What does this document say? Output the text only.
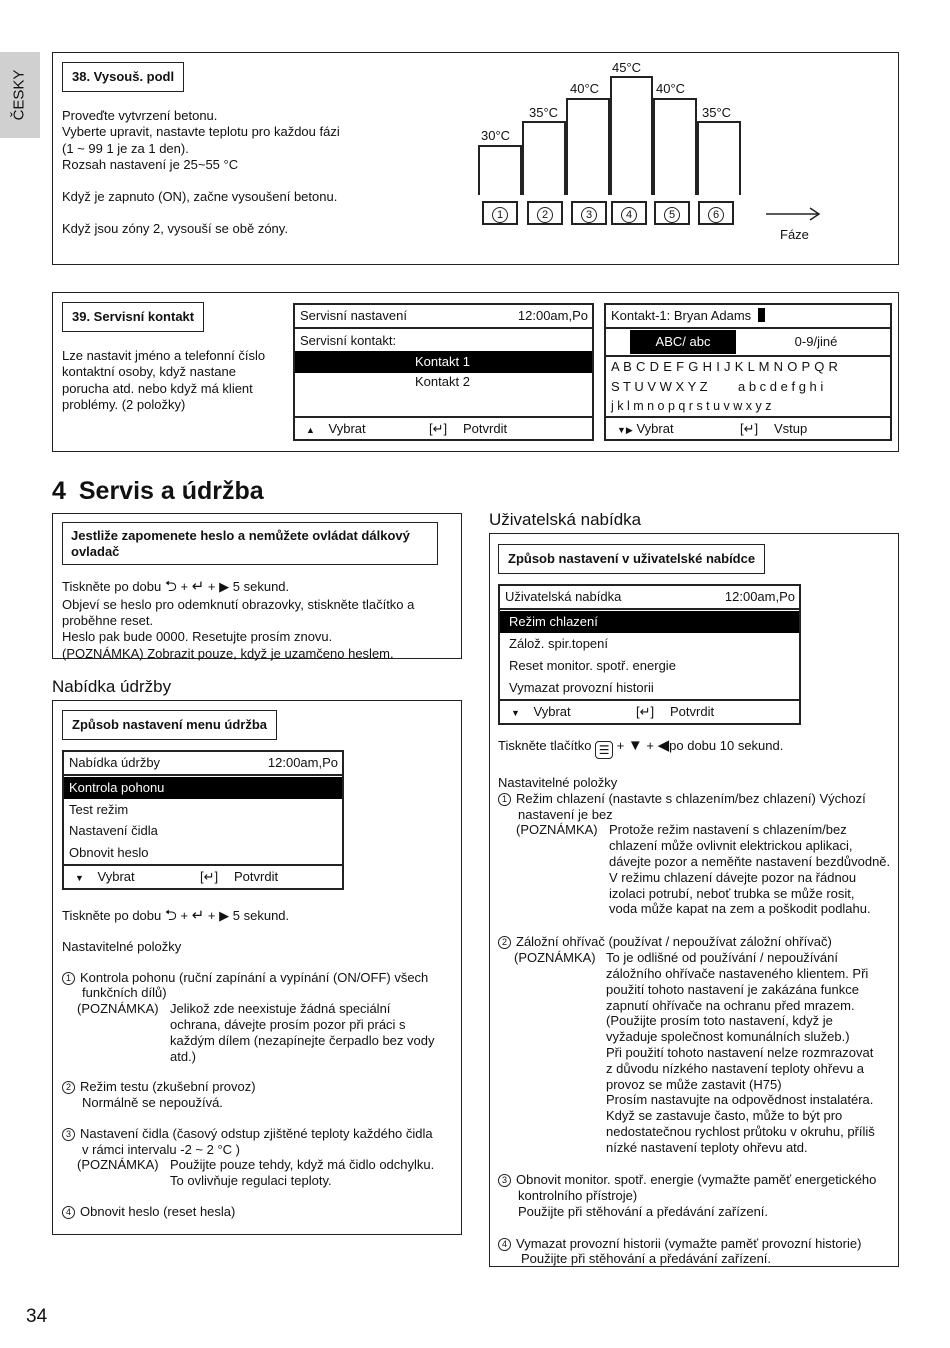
ČESKY	38. Vysouš. podl

Proveďte vytvrzení betonu.

Vyberte upravit, nastavte teplotu pro každou fázi

(1 ~ 99 1 je za 1 den).

Rozsah nastavení je 25~55 °C

Když je zapnuto (ON), začne vysoušení betonu.

Když jsou zóny 2, vysouší se obě zóny.

30°C
35°C
40°C
45°C
40°C
35°C
1	2	3	4	5	6
Fáze
39. Servisní kontakt

Lze nastavit jméno a telefonní číslo

kontaktní osoby, když nastane

porucha atd. nebo když má klient

problémy. (2 položky)

Servisní nastavení	12:00am,Po
Servisní kontakt:
Kontakt 1
Kontakt 2
▲ Vybrat	[↵] Potvrdit
Kontakt-1: Bryan Adams
ABC/ abc	0-9/jiné
A B C D E F G H I J K L M N O P Q R
S T U V W X Y Z a b c d e f g h i
j k l m n o p q r s t u v w x y z
▼▶ Vybrat	[↵] Vstup
4 Servis a údržba
Jestliže zapomenete heslo a nemůžete ovládat dálkový
ovladač

Tiskněte po dobu ⮌ + ↵ + ▶ 5 sekund.

Objeví se heslo pro odemknutí obrazovky, stiskněte tlačítko a

proběhne reset.

Heslo pak bude 0000. Resetujte prosím znovu.

(POZNÁMKA) Zobrazit pouze, když je uzamčeno heslem.

Nabídka údržby
Způsob nastavení menu údržba
Nabídka údržby	12:00am,Po
Kontrola pohonu
Test režim
Nastavení čidla
Obnovit heslo
▼ Vybrat	[↵] Potvrdit

Tiskněte po dobu ⮌ + ↵ + ▶ 5 sekund.

Nastavitelné položky

1 Kontrola pohonu (ruční zapínání a vypínání (ON/OFF) všech

funkčních dílů)

(POZNÁMKA) Jelikož zde neexistuje žádná speciální

ochrana, dávejte prosím pozor při práci s

každým dílem (nezapínejte čerpadlo bez vody

atd.)

2 Režim testu (zkušební provoz)

Normálně se nepoužívá.

3 Nastavení čidla (časový odstup zjištěné teploty každého čidla

v rámci intervalu -2 ~ 2 °C )

(POZNÁMKA) Použijte pouze tehdy, když má čidlo odchylku.

To ovlivňuje regulaci teploty.

4 Obnovit heslo (reset hesla)

Uživatelská nabídka
Způsob nastavení v uživatelské nabídce
Uživatelská nabídka	12:00am,Po
Režim chlazení
Zálož. spir.topení
Reset monitor. spotř. energie
Vymazat provozní historii
▼ Vybrat	[↵] Potvrdit

Tiskněte tlačítko ☰ + ▼ + ◀po dobu 10 sekund.

Nastavitelné položky

1 Režim chlazení (nastavte s chlazením/bez chlazení) Výchozí

nastavení je bez

(POZNÁMKA) Protože režim nastavení s chlazením/bez

chlazení může ovlivnit elektrickou aplikaci,

dávejte pozor a neměňte nastavení bezdůvodně.

V režimu chlazení dávejte pozor na řádnou

izolaci potrubí, neboť trubka se může rosit,

voda může kapat na zem a poškodit podlahu.

2 Záložní ohřívač (používat / nepoužívat záložní ohřívač)

(POZNÁMKA) To je odlišné od používání / nepoužívání

záložního ohřívače nastaveného klientem. Při

použití tohoto nastavení je zakázána funkce

zapnutí ohřívače na ochranu před mrazem.

(Použijte prosím toto nastavení, když je

vyžaduje společnost komunálních služeb.)

Při použití tohoto nastavení nelze rozmrazovat

z důvodu nízkého nastavení teploty ohřevu a

provoz se může zastavit (H75)

Prosím nastavujte na odpovědnost instalatéra.

Když se zastavuje často, může to být pro

nedostatečnou rychlost průtoku v okruhu, příliš

nízké nastavení teploty ohřevu atd.

3 Obnovit monitor. spotř. energie (vymažte paměť energetického

kontrolního přístroje)

Použijte při stěhování a předávání zařízení.

4 Vymazat provozní historii (vymažte paměť provozní historie)

Použijte při stěhování a předávání zařízení.

34
